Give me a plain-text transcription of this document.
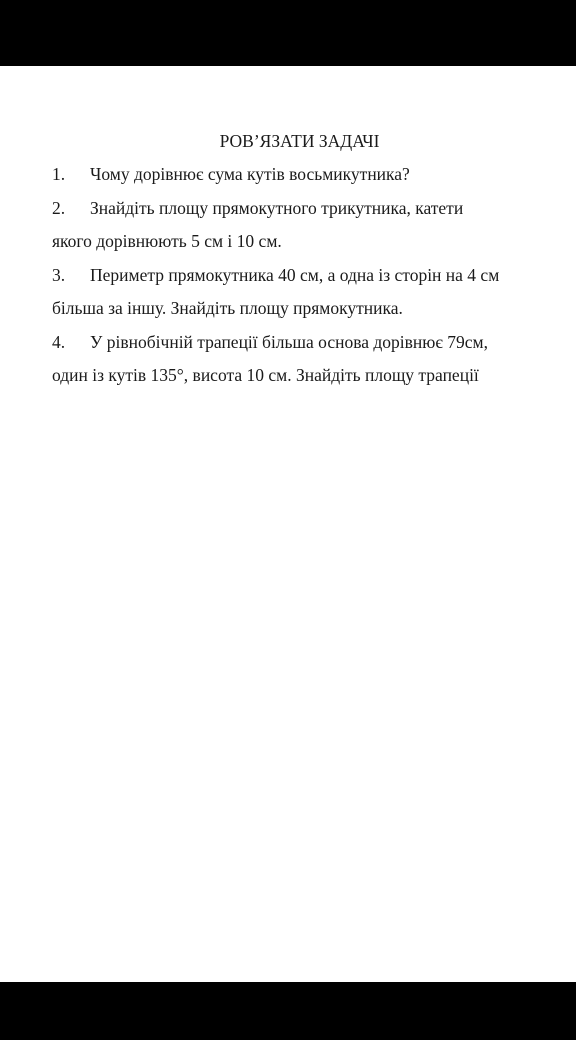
РОВ’ЯЗАТИ ЗАДАЧІ
1. Чому дорівнює сума кутів восьмикутника?
2. Знайдіть площу прямокутного трикутника, катети
якого дорівнюють 5 см і 10 см.
3. Периметр прямокутника 40 см, а одна із сторін на 4 см
більша за іншу. Знайдіть площу прямокутника.
4. У рівнобічній трапеції більша основа дорівнює 79см,
один із кутів 135°, висота 10 см. Знайдіть площу трапеції
